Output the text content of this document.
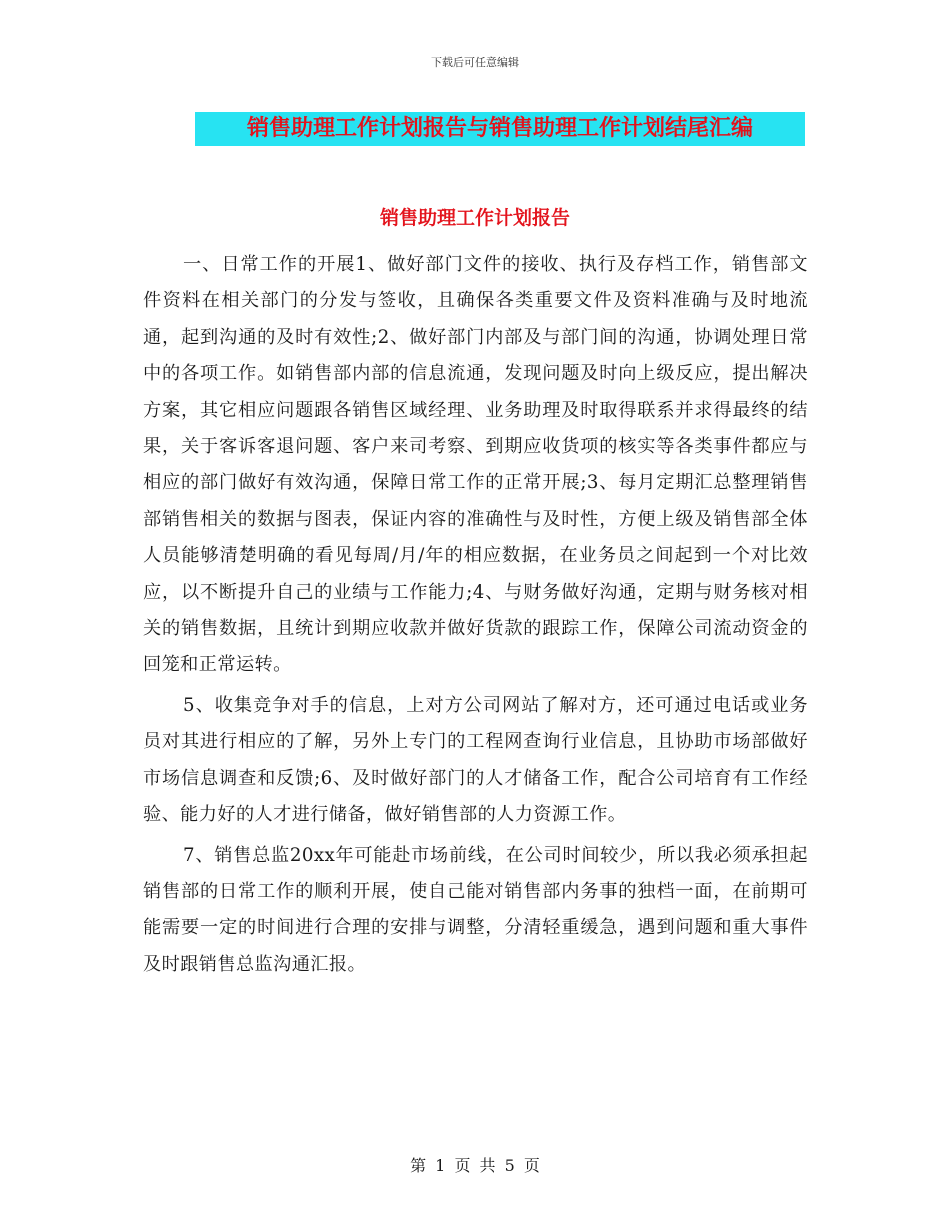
下载后可任意编辑
销售助理工作计划报告与销售助理工作计划结尾汇编
销售助理工作计划报告

一、日常工作的开展1、做好部门文件的接收、执行及存档工作，销售部文件资料在相关部门的分发与签收，且确保各类重要文件及资料准确与及时地流通，起到沟通的及时有效性;2、做好部门内部及与部门间的沟通，协调处理日常中的各项工作。如销售部内部的信息流通，发现问题及时向上级反应，提出解决方案，其它相应问题跟各销售区域经理、业务助理及时取得联系并求得最终的结果，关于客诉客退问题、客户来司考察、到期应收货项的核实等各类事件都应与相应的部门做好有效沟通，保障日常工作的正常开展;3、每月定期汇总整理销售部销售相关的数据与图表，保证内容的准确性与及时性，方便上级及销售部全体人员能够清楚明确的看见每周/月/年的相应数据，在业务员之间起到一个对比效应，以不断提升自己的业绩与工作能力;4、与财务做好沟通，定期与财务核对相关的销售数据，且统计到期应收款并做好货款的跟踪工作，保障公司流动资金的回笼和正常运转。

5、收集竞争对手的信息，上对方公司网站了解对方，还可通过电话或业务员对其进行相应的了解，另外上专门的工程网查询行业信息，且协助市场部做好市场信息调查和反馈;6、及时做好部门的人才储备工作，配合公司培育有工作经验、能力好的人才进行储备，做好销售部的人力资源工作。

7、销售总监20xx年可能赴市场前线，在公司时间较少，所以我必须承担起销售部的日常工作的顺利开展，使自己能对销售部内务事的独档一面，在前期可能需要一定的时间进行合理的安排与调整，分清轻重缓急，遇到问题和重大事件及时跟销售总监沟通汇报。

第 1 页 共 5 页
